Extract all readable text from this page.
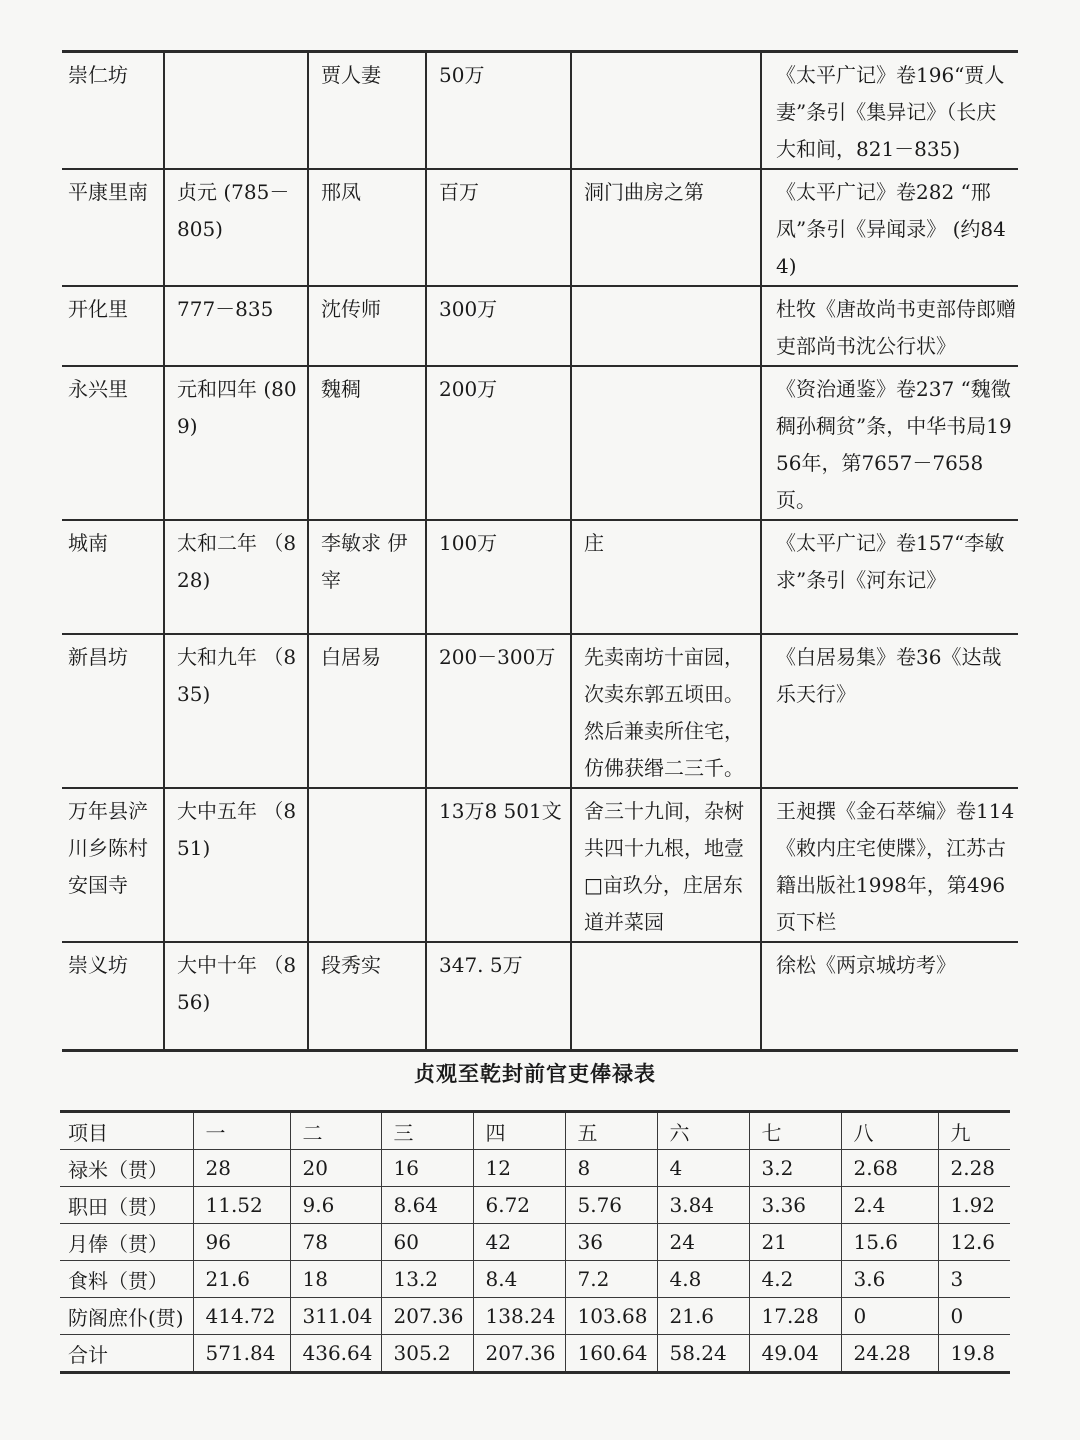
崇仁坊		贾人妻	50万		《太平广记》卷196“贾人妻”条引《集异记》（长庆大和间，821－835)
平康里南	贞元 (785－805)	邢凤	百万	洞门曲房之第	《太平广记》卷282 “邢凤”条引《异闻录》 (约844)
开化里	777－835	沈传师	300万		杜牧《唐故尚书吏部侍郎赠吏部尚书沈公行状》
永兴里	元和四年 (809)	魏稠	200万		《资治通鉴》卷237 “魏徵稠孙稠贫”条，中华书局1956年，第7657－7658页。
城南	太和二年 （828)	李敏求 伊宰	100万	庄	《太平广记》卷157“李敏求”条引《河东记》
新昌坊	大和九年 （835)	白居易	200－300万	先卖南坊十亩园，次卖东郭五顷田。然后兼卖所住宅，仿佛获缗二三千。	《白居易集》卷36《达哉乐天行》
万年县浐川乡陈村安国寺	大中五年 （851)		13万8 501文	舍三十九间，杂树共四十九根，地壹□亩玖分，庄居东道并菜园	王昶撰《金石萃编》卷114《敕内庄宅使牒》，江苏古籍出版社1998年，第496页下栏
崇义坊	大中十年 （856)	段秀实	347. 5万		徐松《两京城坊考》
贞观至乾封前官吏俸禄表
项目	一	二	三	四	五	六	七	八	九
禄米（贯）	28	20	16	12	8	4	3.2	2.68	2.28
职田（贯）	11.52	9.6	8.64	6.72	5.76	3.84	3.36	2.4	1.92
月俸（贯）	96	78	60	42	36	24	21	15.6	12.6
食料（贯）	21.6	18	13.2	8.4	7.2	4.8	4.2	3.6	3
防阁庶仆(贯)	414.72	311.04	207.36	138.24	103.68	21.6	17.28	0	0
合计	571.84	436.64	305.2	207.36	160.64	58.24	49.04	24.28	19.8
